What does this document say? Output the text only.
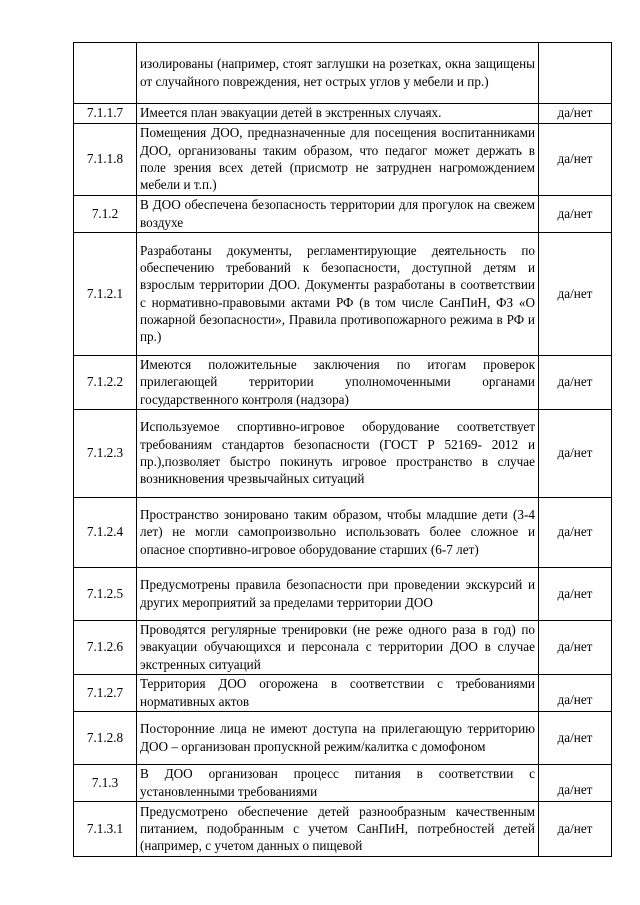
	изолированы (например, стоят заглушки на розетках, окна защищены от случайного повреждения, нет острых углов у мебели и пр.)	
7.1.1.7	Имеется план эвакуации детей в экстренных случаях.	да/нет
7.1.1.8	Помещения ДОО, предназначенные для посещения воспитанниками ДОО, организованы таким образом, что педагог может держать в поле зрения всех детей (присмотр не затруднен нагромождением мебели и т.п.)	да/нет
7.1.2	В ДОО обеспечена безопасность территории для прогулок на свежем воздухе	да/нет
7.1.2.1	Разработаны документы, регламентирующие деятельность по обеспечению требований к безопасности, доступной детям и взрослым территории ДОО. Документы разработаны в соответствии с нормативно-правовыми актами РФ (в том числе СанПиН, ФЗ «О пожарной безопасности», Правила противопожарного режима в РФ и пр.)	да/нет
7.1.2.2	Имеются положительные заключения по итогам проверок прилегающей территории уполномоченными органами государственного контроля (надзора)	да/нет
7.1.2.3	Используемое спортивно-игровое оборудование соответствует требованиям стандартов безопасности (ГОСТ Р 52169- 2012 и пр.),позволяет быстро покинуть игровое пространство в случае возникновения чрезвычайных ситуаций	да/нет
7.1.2.4	Пространство зонировано таким образом, чтобы младшие дети (3-4 лет) не могли самопроизвольно использовать более сложное и опасное спортивно-игровое оборудование старших (6-7 лет)	да/нет
7.1.2.5	Предусмотрены правила безопасности при проведении экскурсий и других мероприятий за пределами территории ДОО	да/нет
7.1.2.6	Проводятся регулярные тренировки (не реже одного раза в год) по эвакуации обучающихся и персонала с территории ДОО в случае экстренных ситуаций	да/нет
7.1.2.7	Территория ДОО огорожена в соответствии с требованиями нормативных актов	да/нет
7.1.2.8	Посторонние лица не имеют доступа на прилегающую территорию ДОО – организован пропускной режим/калитка с домофоном	да/нет
7.1.3	В ДОО организован процесс питания в соответствии с установленными требованиями	да/нет
7.1.3.1	Предусмотрено обеспечение детей разнообразным качественным питанием, подобранным с учетом СанПиН, потребностей детей (например, с учетом данных о пищевой	да/нет
